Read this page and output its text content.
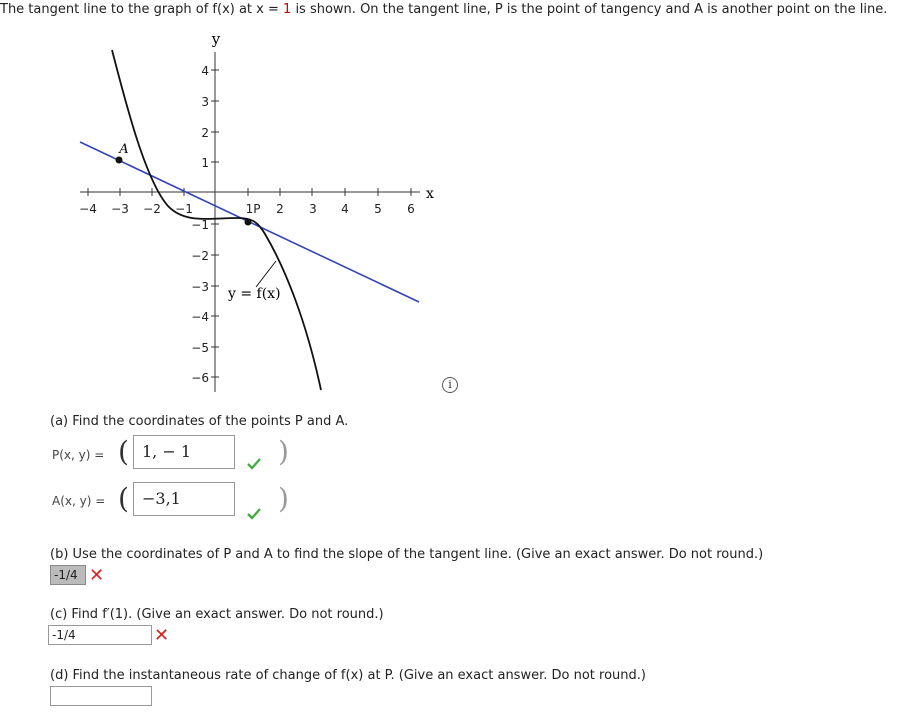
The tangent line to the graph of f(x) at x = 1 is shown. On the tangent line, P is the point of tangency and A is another point on the line.
y
x
−4 −3 −2 −1	1P 2 3 4 5 6
4
3
2
1
−1
−2
−3
−4
−5
−6
A
y = f(x)
i
(a) Find the coordinates of the points P and A.
P(x, y) = ( 1, − 1	)
A(x, y) = ( −3,1	)
(b) Use the coordinates of P and A to find the slope of the tangent line. (Give an exact answer. Do not round.)
-1/4 ✕
(c) Find f′(1). (Give an exact answer. Do not round.)
-1/4	✕
(d) Find the instantaneous rate of change of f(x) at P. (Give an exact answer. Do not round.)
